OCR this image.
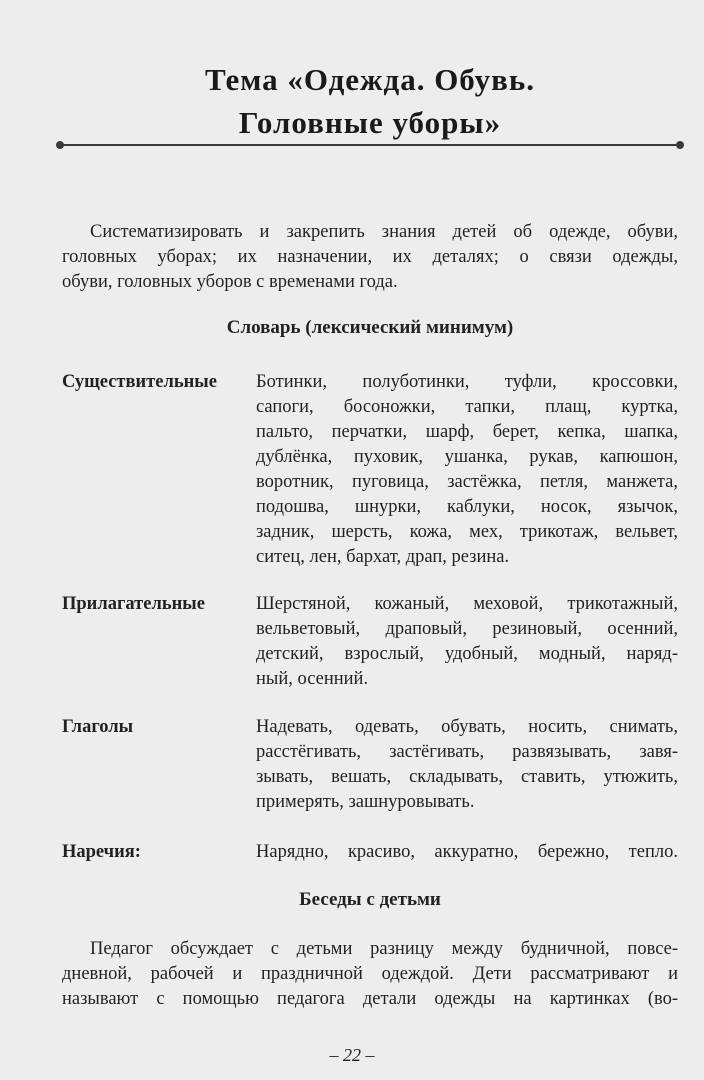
Тема «Одежда. Обувь.
Головные уборы»
Систематизировать и закрепить знания детей об одежде, обуви,
головных уборах; их назначении, их деталях; о связи одежды,
обуви, головных уборов с временами года.
Словарь (лексический минимум)
Существительные Ботинки, полуботинки, туфли, кроссовки,
сапоги, босоножки, тапки, плащ, куртка,
пальто, перчатки, шарф, берет, кепка, шапка,
дублёнка, пуховик, ушанка, рукав, капюшон,
воротник, пуговица, застёжка, петля, манжета,
подошва, шнурки, каблуки, носок, язычок,
задник, шерсть, кожа, мех, трикотаж, вельвет,
ситец, лен, бархат, драп, резина.
Прилагательные	Шерстяной, кожаный, меховой, трикотажный,
вельветовый, драповый, резиновый, осенний,
детский, взрослый, удобный, модный, наряд-
ный, осенний.
Глаголы	Надевать, одевать, обувать, носить, снимать,
расстёгивать, застёгивать, развязывать, завя-
зывать, вешать, складывать, ставить, утюжить,
примерять, зашнуровывать.
Наречия:	Нарядно, красиво, аккуратно, бережно, тепло.
Беседы с детьми
Педагог обсуждает с детьми разницу между будничной, повсе-
дневной, рабочей и праздничной одеждой. Дети рассматривают и
называют с помощью педагога детали одежды на картинках (во-
– 22 –
